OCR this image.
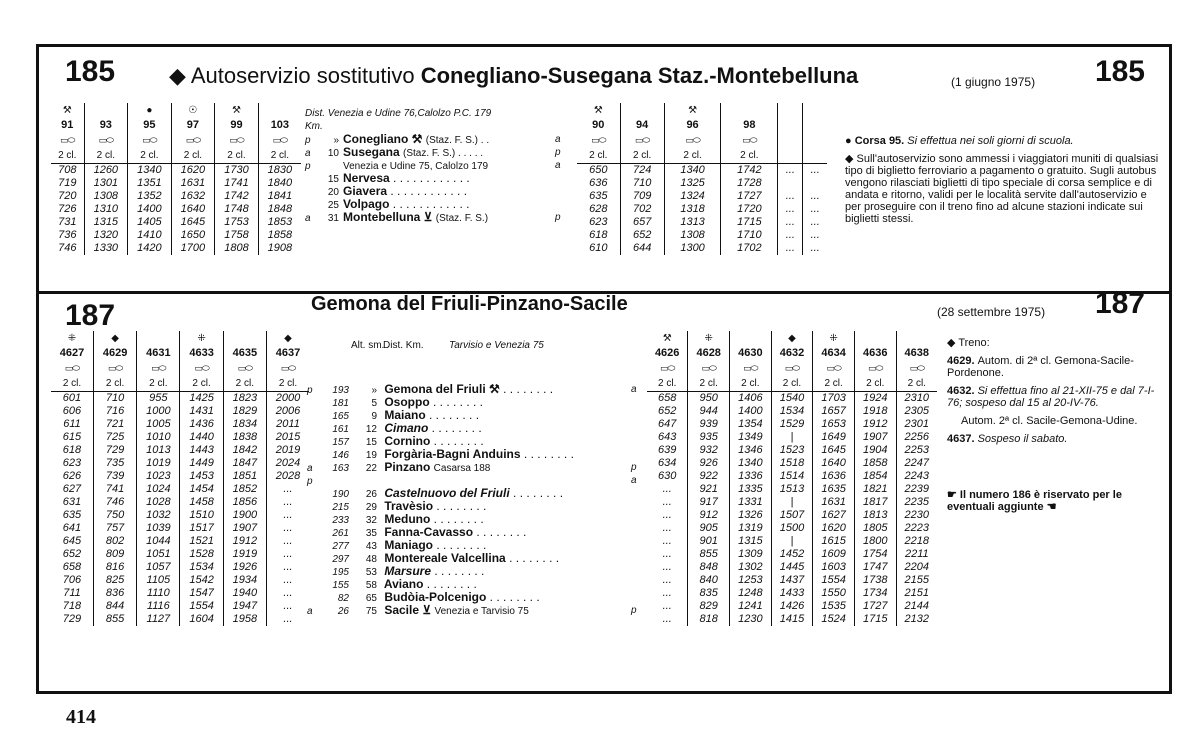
185 ◆ Autoservizio sostitutivo Conegliano-Susegana Staz.-Montebelluna	(1 giugno 1975) 185
⚒		●	☉	⚒	
91	93	95	97	99	103
▭⬭	▭⬭	▭⬭	▭⬭	▭⬭	▭⬭
2 cl.	2 cl.	2 cl.	2 cl.	2 cl.	2 cl.
708	1260	1340	1620	1730	1830
719	1301	1351	1631	1741	1840
720	1308	1352	1632	1742	1841
726	1310	1400	1640	1748	1848
731	1315	1405	1645	1753	1853
736	1320	1410	1650	1758	1858
746	1330	1420	1700	1808	1908
Dist. Venezia e Udine 76,Calolzo P.C. 179
Km.
p » Conegliano ⚒ (Staz. F. S.) . .	a
a 10 Susegana (Staz. F. S.) . . . . .	p
p	Venezia e Udine 75, Calolzo 179	a
15 Nervesa . . . . . . . . . . . .
20 Giavera . . . . . . . . . . . .
25 Volpago . . . . . . . . . . . .
a 31 Montebelluna ⊻ (Staz. F. S.)	p
⚒		⚒			
90	94	96	98		
▭⬭	▭⬭	▭⬭	▭⬭		
2 cl.	2 cl.	2 cl.	2 cl.		
650	724	1340	1742	...	...
636	710	1325	1728		
635	709	1324	1727	...	...
628	702	1318	1720	...	...
623	657	1313	1715	...	...
618	652	1308	1710	...	...
610	644	1300	1702	...	...

● Corsa 95. Si effettua nei soli giorni di scuola.

◆ Sull'autoservizio sono ammessi i viaggiatori muniti di qualsiasi tipo di biglietto ferroviario a pagamento o gratuito. Sugli autobus vengono rilasciati biglietti di tipo speciale di corsa semplice e di andata e ritorno, validi per le località servite dall'autoservizio e per proseguire con il treno fino ad alcune stazioni indicate sui biglietti stessi.

187	Gemona del Friuli-Pinzano-Sacile	(28 settembre 1975) 187
⁜	◆		⁜		◆
4627	4629	4631	4633	4635	4637
▭⬭	▭⬭	▭⬭	▭⬭	▭⬭	▭⬭
2 cl.	2 cl.	2 cl.	2 cl.	2 cl.	2 cl.
601	710	955	1425	1823	2000
606	716	1000	1431	1829	2006
611	721	1005	1436	1834	2011
615	725	1010	1440	1838	2015
618	729	1013	1443	1842	2019
623	735	1019	1449	1847	2024
626	739	1023	1453	1851	2028
627	741	1024	1454	1852	...
631	746	1028	1458	1856	...
635	750	1032	1510	1900	...
641	757	1039	1517	1907	...
645	802	1044	1521	1912	...
652	809	1051	1528	1919	...
658	816	1057	1534	1926	...
706	825	1105	1542	1934	...
711	836	1110	1547	1940	...
718	844	1116	1554	1947	...
729	855	1127	1604	1958	...
Alt. sm.
Dist. Km.	Tarvisio e Venezia 75
p 193 » Gemona del Friuli ⚒ . . . . . . . .	a
181 5 Osoppo . . . . . . . .
165 9 Maiano . . . . . . . .
161 12 Cimano . . . . . . . .
157 15 Cornino . . . . . . . .
146 19 Forgària-Bagni Anduins . . . . . . . .
a 163 22 Pinzano Casarsa 188	p
p	a
190 26 Castelnuovo del Friuli . . . . . . . .
215 29 Travèsio . . . . . . . .
233 32 Meduno . . . . . . . .
261 35 Fanna-Cavasso . . . . . . . .
277 43 Maniago . . . . . . . .
297 48 Montereale Valcellina . . . . . . . .
195 53 Marsure . . . . . . . .
155 58 Aviano . . . . . . . .
82 65 Budòia-Polcenigo . . . . . . . .
a	26 75 Sacile ⊻ Venezia e Tarvisio 75	p
⚒	⁜		◆	⁜		
4626	4628	4630	4632	4634	4636	4638
▭⬭	▭⬭	▭⬭	▭⬭	▭⬭	▭⬭	▭⬭
2 cl.	2 cl.	2 cl.	2 cl.	2 cl.	2 cl.	2 cl.
658	950	1406	1540	1703	1924	2310
652	944	1400	1534	1657	1918	2305
647	939	1354	1529	1653	1912	2301
643	935	1349	|	1649	1907	2256
639	932	1346	1523	1645	1904	2253
634	926	1340	1518	1640	1858	2247
630	922	1336	1514	1636	1854	2243
...	921	1335	1513	1635	1821	2239
...	917	1331	|	1631	1817	2235
...	912	1326	1507	1627	1813	2230
...	905	1319	1500	1620	1805	2223
...	901	1315	|	1615	1800	2218
...	855	1309	1452	1609	1754	2211
...	848	1302	1445	1603	1747	2204
...	840	1253	1437	1554	1738	2155
...	835	1248	1433	1550	1734	2151
...	829	1241	1426	1535	1727	2144
...	818	1230	1415	1524	1715	2132

◆ Treno:

4629. Autom. di 2ª cl. Gemona-Sacile-Pordenone.

4632. Si effettua fino al 21-XII-75 e dal 7-I-76; sospeso dal 15 al 20-IV-76.

Autom. 2ª cl. Sacile-Gemona-Udine.

4637. Sospeso il sabato.

☛ Il numero 186 è riservato per le eventuali aggiunte ☚

414
